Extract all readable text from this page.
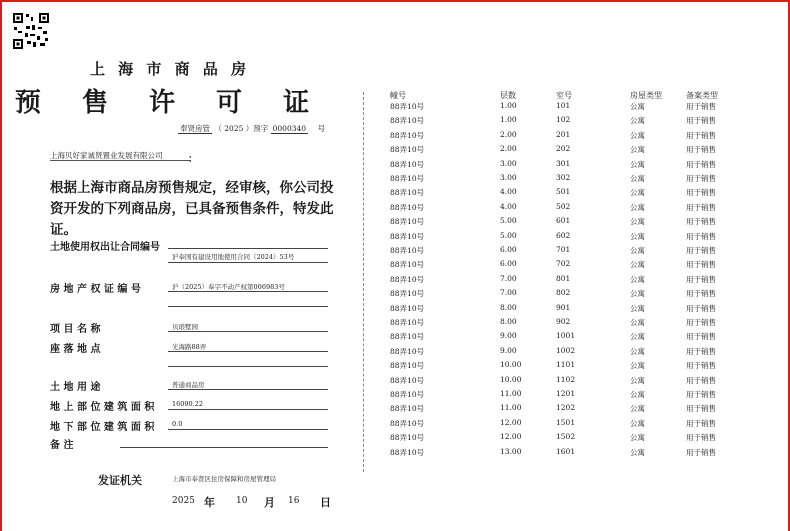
上 海 市 商 品 房
预 售 许 可 证
奉贤房管 （ 2025 ）预字 0000340 号
上海贝好家诚贤置业发展有限公司	：
根据上海市商品房预售规定，经审核，你公司投资开发的下列商品房，已具备预售条件，特发此证。
土地使用权出让合同编号
沪奉国有建设用地使用合同（2024）53号
房 地 产 权 证 编 号	沪（2025）奉字不动产权第006983号
项 目 名 称	贝琅墅园
座 落 地 点	光海路88弄
土 地 用 途	普通商品房
地 上 部 位 建 筑 面 积	16090.22
地 下 部 位 建 筑 面 积	0.0
备 注
发证机关	上海市奉贤区住房保障和房屋管理局
2025 年 10 月 16 日
幢号	层数	室号	房屋类型	备案类型
88弄10号	1.00	101	公寓	用于销售
88弄10号	1.00	102	公寓	用于销售
88弄10号	2.00	201	公寓	用于销售
88弄10号	2.00	202	公寓	用于销售
88弄10号	3.00	301	公寓	用于销售
88弄10号	3.00	302	公寓	用于销售
88弄10号	4.00	501	公寓	用于销售
88弄10号	4.00	502	公寓	用于销售
88弄10号	5.00	601	公寓	用于销售
88弄10号	5.00	602	公寓	用于销售
88弄10号	6.00	701	公寓	用于销售
88弄10号	6.00	702	公寓	用于销售
88弄10号	7.00	801	公寓	用于销售
88弄10号	7.00	802	公寓	用于销售
88弄10号	8.00	901	公寓	用于销售
88弄10号	8.00	902	公寓	用于销售
88弄10号	9.00	1001	公寓	用于销售
88弄10号	9.00	1002	公寓	用于销售
88弄10号	10.00	1101	公寓	用于销售
88弄10号	10.00	1102	公寓	用于销售
88弄10号	11.00	1201	公寓	用于销售
88弄10号	11.00	1202	公寓	用于销售
88弄10号	12.00	1501	公寓	用于销售
88弄10号	12.00	1502	公寓	用于销售
88弄10号	13.00	1601	公寓	用于销售
